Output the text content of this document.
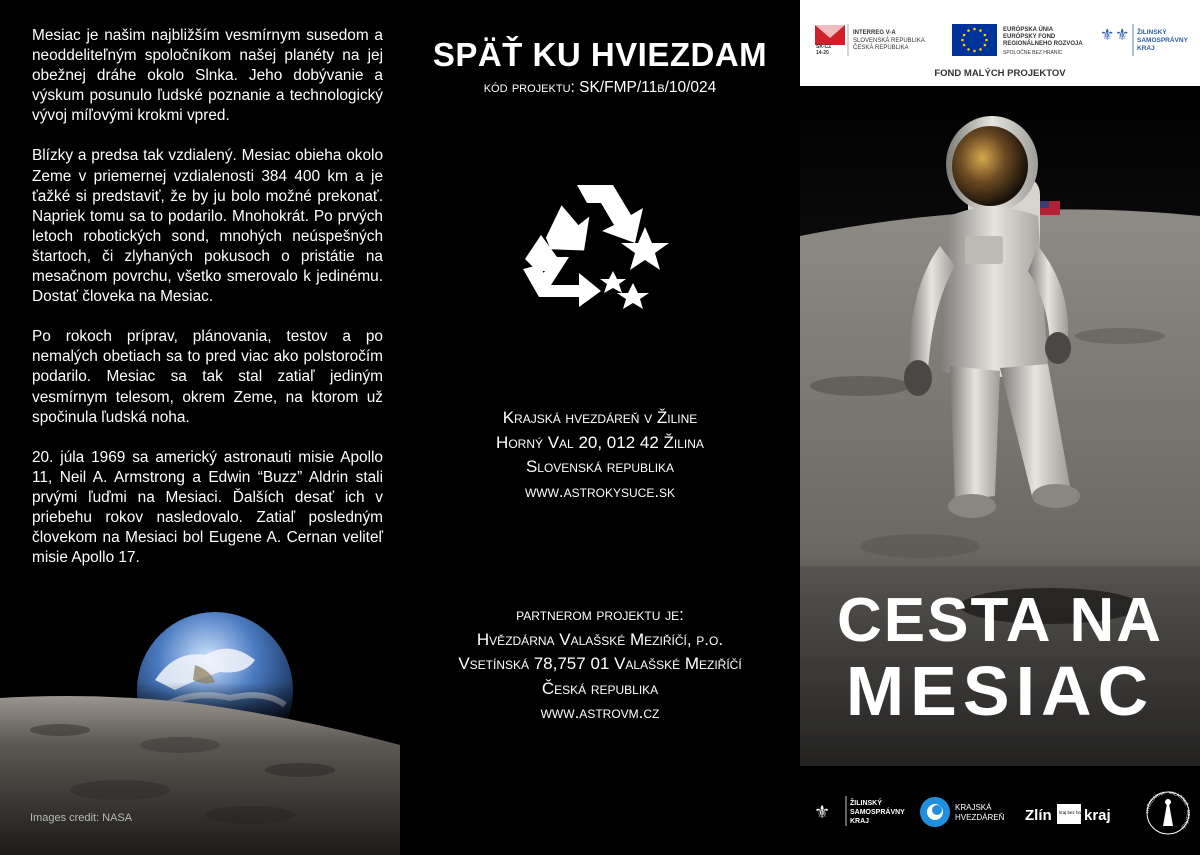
Mesiac je našim najbližším vesmírnym susedom a neoddeliteľným spoločníkom našej planéty na jej obežnej dráhe okolo Slnka. Jeho dobývanie a výskum posunulo ľudské poznanie a technologický vývoj míľovými krokmi vpred.

Blízky a predsa tak vzdialený. Mesiac obieha okolo Zeme v priemernej vzdialenosti 384 400 km a je ťažké si predstaviť, že by ju bolo možné prekonať. Napriek tomu sa to podarilo. Mnohokrát. Po prvých letoch robotických sond, mnohých neúspešných štartoch, či zlyhaných pokusoch o pristátie na mesačnom povrchu, všetko smerovalo k jedinému. Dostať človeka na Mesiac.

Po rokoch príprav, plánovania, testov a po nemalých obetiach sa to pred viac ako polstoročím podarilo. Mesiac sa tak stal zatiaľ jediným vesmírnym telesom, okrem Zeme, na ktorom už spočinula ľudská noha.

20. júla 1969 sa americký astronauti misie Apollo 11, Neil A. Armstrong a Edwin “Buzz” Aldrin stali prvými ľuďmi na Mesiaci. Ďalších desať ich v priebehu rokov nasledovalo. Zatiaľ posledným človekom na Mesiaci bol Eugene A. Cernan veliteľ misie Apollo 17.

Images credit: NASA
SPÄŤ KU HVIEZDAM
kód projektu: SK/FMP/11b/10/024
Krajská hvezdáreň v Žiline
Horný Val 20, 012 42 Žilina
Slovenská republika
www.astrokysuce.sk
partnerom projektu je:
Hvězdárna Valašské Meziříčí, p.o.
Vsetínská 78,757 01 Valašské Meziříčí
Česká republika
www.astrovm.cz
SK-CZ
14-20
INTERREG V-A
SLOVENSKÁ REPUBLIKA
ČESKÁ REPUBLIKA
EURÓPSKA ÚNIA
EURÓPSKY FOND
REGIONÁLNEHO ROZVOJA
SPOLOČNE BEZ HRANÍC
⚜ ⚜ ŽILINSKÝ
SAMOSPRÁVNY
KRAJ
FOND MALÝCH PROJEKTOV
CESTA NA
MESIAC
⚜	ŽILINSKÝ
SAMOSPRÁVNY
KRAJ
KRAJSKÁ
HVEZDÁREŇ Zlín kraj bez hranic
kraj	HVĚZDÁRNA · VALAŠSKÉ · MEZIŘÍČÍ
